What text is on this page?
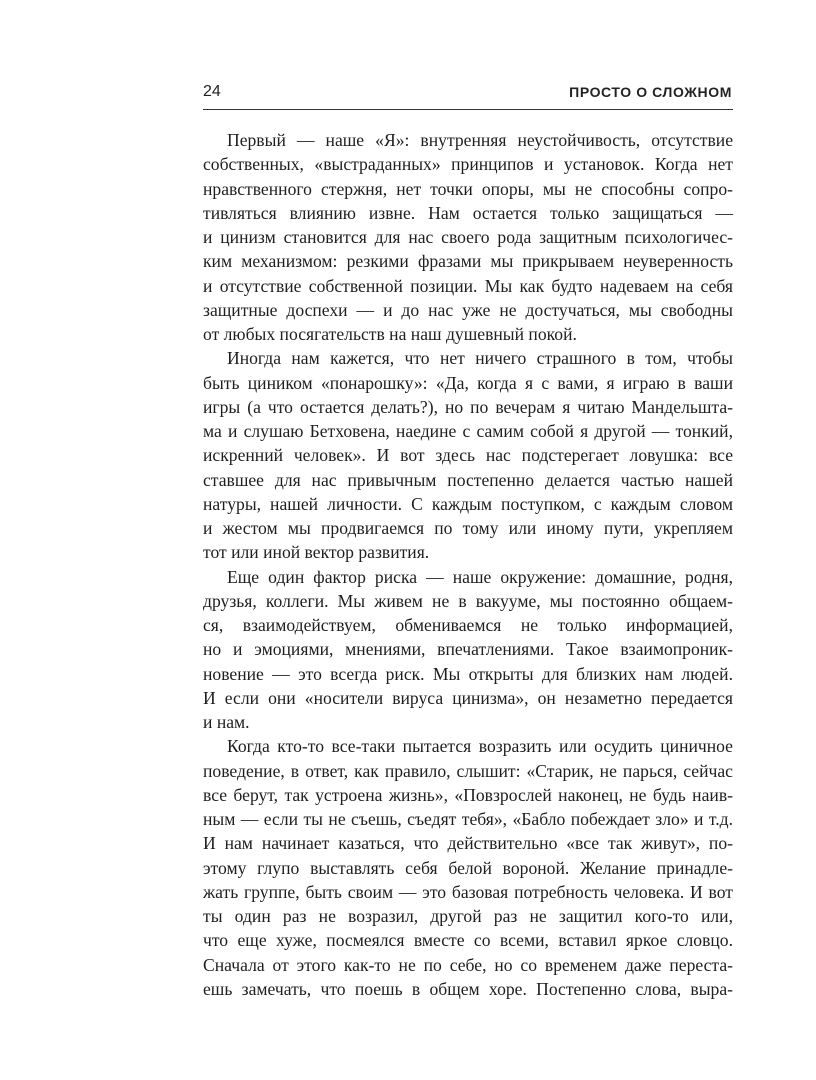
24	ПРОСТО О СЛОЖНОМ
Первый — наше «Я»: внутренняя неустойчивость, отсутствие
собственных, «выстраданных» принципов и установок. Когда нет
нравственного стержня, нет точки опоры, мы не способны сопро-
тивляться влиянию извне. Нам остается только защищаться —
и цинизм становится для нас своего рода защитным психологичес-
ким механизмом: резкими фразами мы прикрываем неуверенность
и отсутствие собственной позиции. Мы как будто надеваем на себя
защитные доспехи — и до нас уже не достучаться, мы свободны
от любых посягательств на наш душевный покой.
Иногда нам кажется, что нет ничего страшного в том, чтобы
быть циником «понарошку»: «Да, когда я с вами, я играю в ваши
игры (а что остается делать?), но по вечерам я читаю Мандельшта-
ма и слушаю Бетховена, наедине с самим собой я другой — тонкий,
искренний человек». И вот здесь нас подстерегает ловушка: все
ставшее для нас привычным постепенно делается частью нашей
натуры, нашей личности. С каждым поступком, с каждым словом
и жестом мы продвигаемся по тому или иному пути, укрепляем
тот или иной вектор развития.
Еще один фактор риска — наше окружение: домашние, родня,
друзья, коллеги. Мы живем не в вакууме, мы постоянно общаем-
ся, взаимодействуем, обмениваемся не только информацией,
но и эмоциями, мнениями, впечатлениями. Такое взаимопроник-
новение — это всегда риск. Мы открыты для близких нам людей.
И если они «носители вируса цинизма», он незаметно передается
и нам.
Когда кто-то все-таки пытается возразить или осудить циничное
поведение, в ответ, как правило, слышит: «Старик, не парься, сейчас
все берут, так устроена жизнь», «Повзрослей наконец, не будь наив-
ным — если ты не съешь, съедят тебя», «Бабло побеждает зло» и т.д.
И нам начинает казаться, что действительно «все так живут», по-
этому глупо выставлять себя белой вороной. Желание принадле-
жать группе, быть своим — это базовая потребность человека. И вот
ты один раз не возразил, другой раз не защитил кого-то или,
что еще хуже, посмеялся вместе со всеми, вставил яркое словцо.
Сначала от этого как-то не по себе, но со временем даже переста-
ешь замечать, что поешь в общем хоре. Постепенно слова, выра-
